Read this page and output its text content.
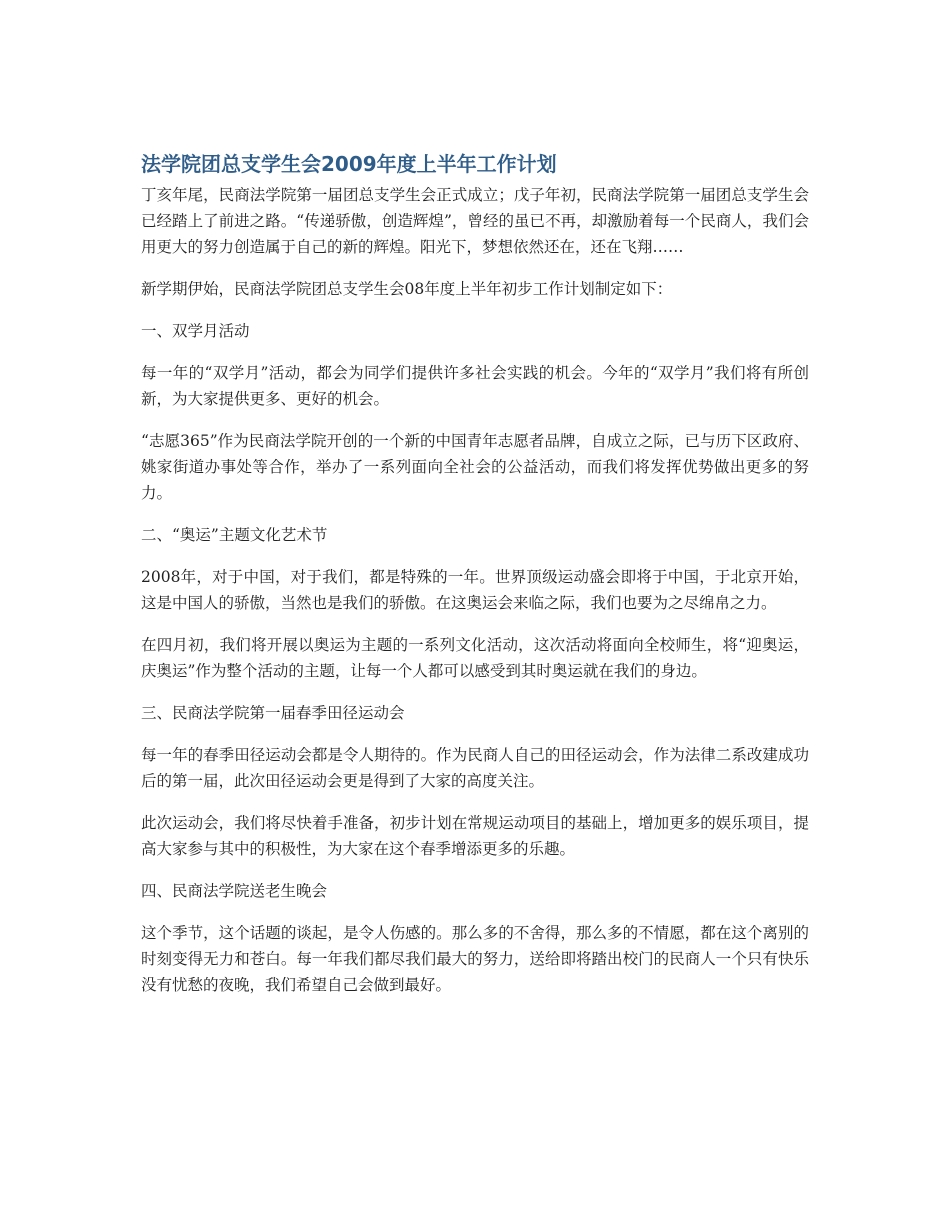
法学院团总支学生会2009年度上半年工作计划

丁亥年尾，民商法学院第一届团总支学生会正式成立；戊子年初，民商法学院第一届团总支学生会已经踏上了前进之路。“传递骄傲，创造辉煌”，曾经的虽已不再，却激励着每一个民商人，我们会用更大的努力创造属于自己的新的辉煌。阳光下，梦想依然还在，还在飞翔……

新学期伊始，民商法学院团总支学生会08年度上半年初步工作计划制定如下：

一、双学月活动

每一年的“双学月”活动，都会为同学们提供许多社会实践的机会。今年的“双学月”我们将有所创新，为大家提供更多、更好的机会。

“志愿365”作为民商法学院开创的一个新的中国青年志愿者品牌，自成立之际，已与历下区政府、姚家街道办事处等合作，举办了一系列面向全社会的公益活动，而我们将发挥优势做出更多的努力。

二、“奥运”主题文化艺术节

2008年，对于中国，对于我们，都是特殊的一年。世界顶级运动盛会即将于中国，于北京开始，这是中国人的骄傲，当然也是我们的骄傲。在这奥运会来临之际，我们也要为之尽绵帛之力。

在四月初，我们将开展以奥运为主题的一系列文化活动，这次活动将面向全校师生，将“迎奥运，庆奥运”作为整个活动的主题，让每一个人都可以感受到其时奥运就在我们的身边。

三、民商法学院第一届春季田径运动会

每一年的春季田径运动会都是令人期待的。作为民商人自己的田径运动会，作为法律二系改建成功后的第一届，此次田径运动会更是得到了大家的高度关注。

此次运动会，我们将尽快着手准备，初步计划在常规运动项目的基础上，增加更多的娱乐项目，提高大家参与其中的积极性，为大家在这个春季增添更多的乐趣。

四、民商法学院送老生晚会

这个季节，这个话题的谈起，是令人伤感的。那么多的不舍得，那么多的不情愿，都在这个离别的时刻变得无力和苍白。每一年我们都尽我们最大的努力，送给即将踏出校门的民商人一个只有快乐没有忧愁的夜晚，我们希望自己会做到最好。
